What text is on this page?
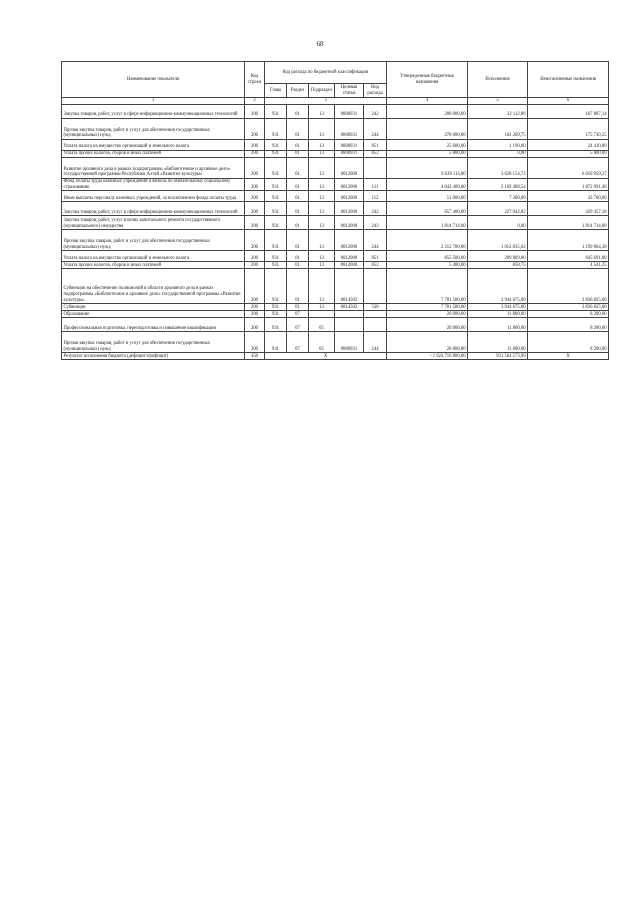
68
Наименование показателя	Код строки	Код расхода по бюджетной классификации					Утвержденные бюджетные назначения	Исполнение	Неисполненные назначения
		Глава	Раздел	Подраздел	Целевая статья	Вид расхода			
1	2	3					4	5	6
Закупка товаров, работ, услуг в сфере информационно-коммуникационных технологий	200	931	01	13	0800931	242	200 000,00	32 112,86	167 887,14
Прочая закупка товаров, работ и услуг для обеспечения государственных (муниципальных) нужд	200	931	01	13	0800931	244	278 000,00	102 269,75	175 730,25
Уплата налога на имущество организаций и земельного налога	200	931	01	13	0800931	851	25 600,00	1 190,00	24 410,00
Уплата прочих налогов, сборов и иных платежей	200	931	01	13	0800931	852	5 800,00	0,00	5 800,00
Развитие архивного дела в рамках подпрограммы «Библиотечное и архивное дело» государственной программы Республики Алтай «Развитие культуры»	200	931	01	13	0812000		9 639 114,00	3 628 154,73	6 010 959,27
Фонд оплаты труда казенных учреждений и взносы по обязательному социальному страхованию	200	931	01	13	0812000	111	4 042 400,00	2 169 408,54	1 872 991,46
Иные выплаты персоналу казенных учреждений, за исключением фонда оплаты труда	200	931	01	13	0812000	112	51 000,00	7 300,00	43 700,00
Закупка товаров, работ, услуг в сфере информационно-коммуникационных технологий	200	931	01	13	0812000	242	657 400,00	227 942,82	429 457,18
Закупка товаров, работ, услуг в целях капитального ремонта государственного (муниципального) имущества	200	931	01	13	0812000	243	1 814 714,00	0,00	1 814 714,00
Прочая закупка товаров, работ и услуг для обеспечения государственных (муниципальных) нужд	200	931	01	13	0812000	244	2 212 700,00	1 012 835,62	1 199 864,38
Уплата налога на имущество организаций и земельного налога	200	931	01	13	0812000	851	855 500,00	209 809,00	645 691,00
Уплата прочих налогов, сборов и иных платежей	200	931	01	13	0812000	852	5 400,00	858,75	4 541,25
Субвенции на обеспечение полномочий в области архивного дела в рамках подпрограммы «Библиотечное и архивное дело» государственной программы «Развитие культуры»	200	931	01	13	0814502		7 781 500,00	3 944 675,00	3 836 825,00
Субвенции	200	931	01	13	0814502	530	7 781 500,00	3 944 675,00	3 836 825,00
Образование	200	931	07				20 000,00	11 800,00	8 200,00
Профессиональная подготовка, переподготовка и повышение квалификации	200	931	07	05			20 000,00	11 800,00	8 200,00
Прочая закупка товаров, работ и услуг для обеспечения государственных (муниципальных) нужд	200	931	07	05	0800931	244	20 000,00	11 800,00	8 200,00
Результат исполнения бюджета (дефицит/профицит)	450	X					- 1 924 716 800,00	931 564 573,09	X
